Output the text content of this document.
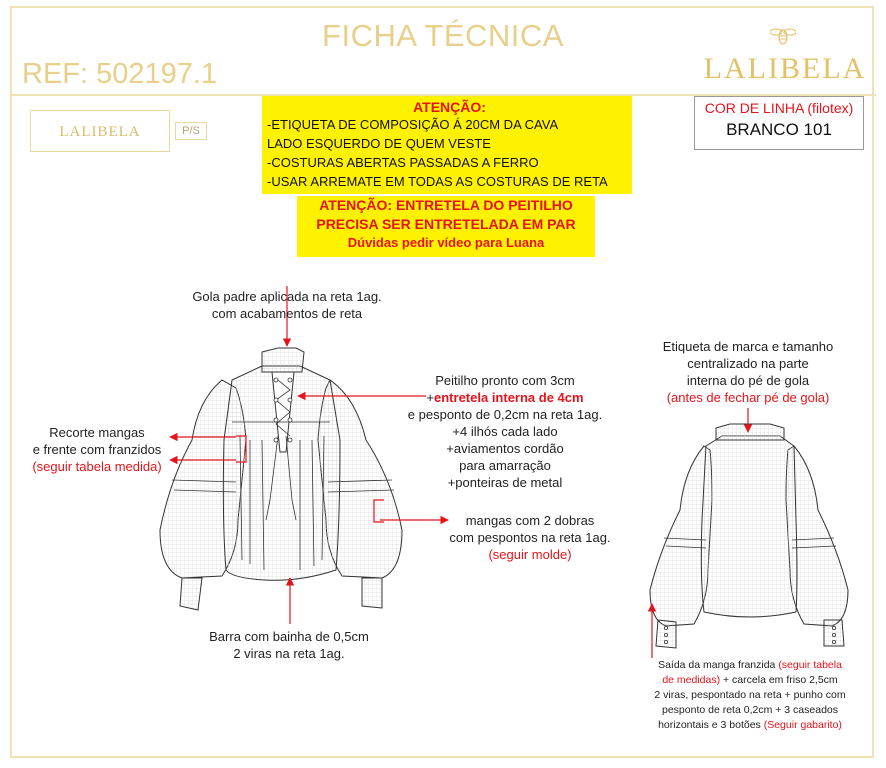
FICHA TÉCNICA
REF: 502197.1	LALIBELA
LALIBELA	P/S
ATENÇÃO:
-ETIQUETA DE COMPOSIÇÃO Á 20CM DA CAVA
LADO ESQUERDO DE QUEM VESTE
-COSTURAS ABERTAS PASSADAS A FERRO
-USAR ARREMATE EM TODAS AS COSTURAS DE RETA
ATENÇÃO: ENTRETELA DO PEITILHO
PRECISA SER ENTRETELADA EM PAR
Dúvidas pedir vídeo para Luana
COR DE LINHA (filotex)
BRANCO 101
Gola padre aplicada na reta 1ag.
com acabamentos de reta
Recorte mangas
e frente com franzidos
(seguir tabela medida)
Peitilho pronto com 3cm
+entretela interna de 4cm
e pesponto de 0,2cm na reta 1ag.
+4 ilhós cada lado
+aviamentos cordão
para amarração
+ponteiras de metal
mangas com 2 dobras
com pespontos na reta 1ag.
(seguir molde)
Barra com bainha de 0,5cm
2 viras na reta 1ag.
Etiqueta de marca e tamanho
centralizado na parte
interna do pé de gola
(antes de fechar pé de gola)
Saída da manga franzida (seguir tabela
de medidas) + carcela em friso 2,5cm
2 viras, pespontado na reta + punho com
pesponto de reta 0,2cm + 3 caseados
horizontais e 3 botões (Seguir gabarito)
